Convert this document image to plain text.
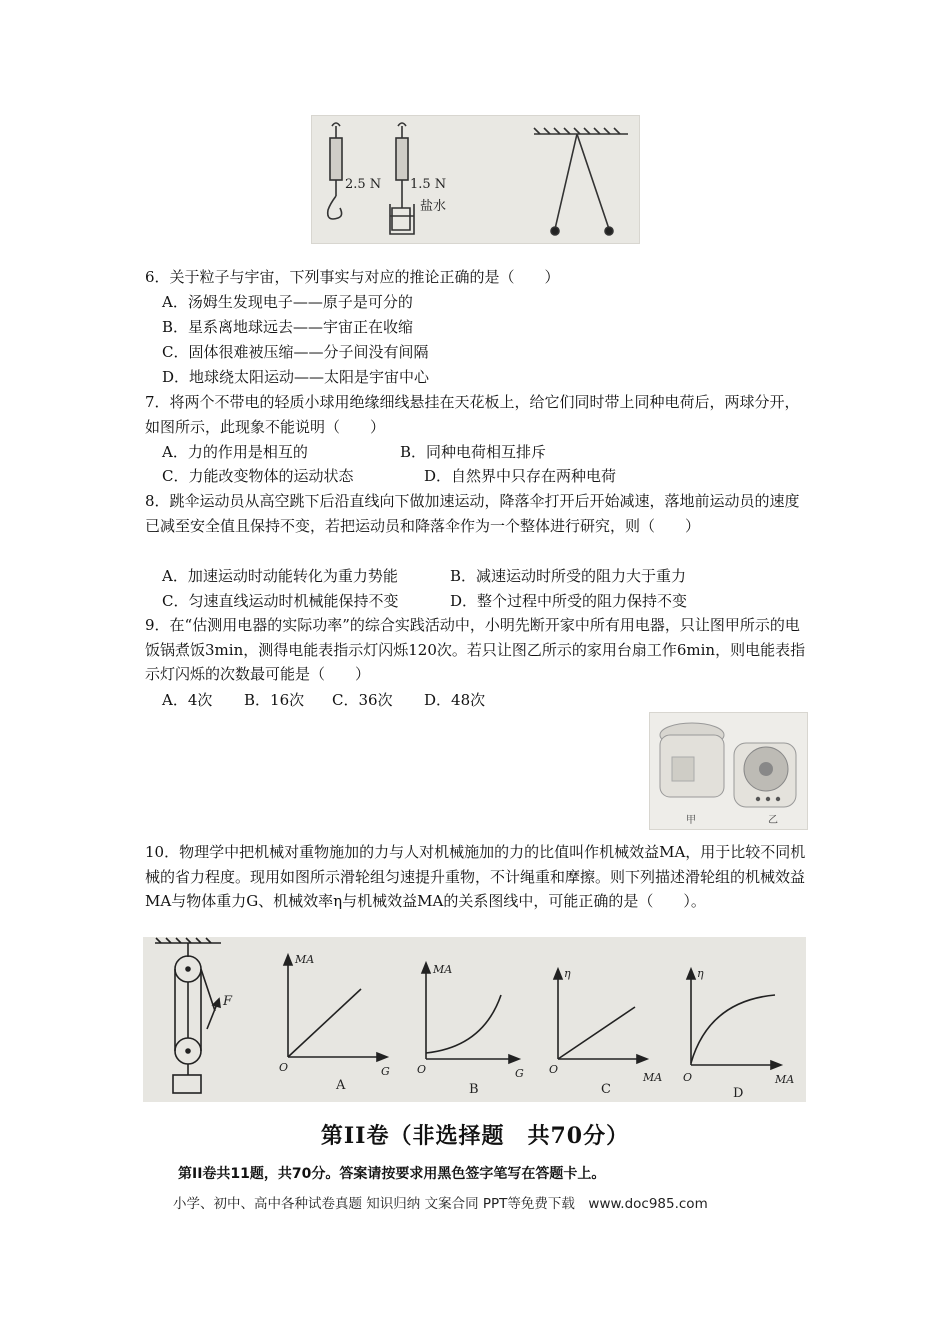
2.5 N 1.5 N
盐水
6．关于粒子与宇宙，下列事实与对应的推论正确的是（　　）
A．汤姆生发现电子——原子是可分的
B．星系离地球远去——宇宙正在收缩
C．固体很难被压缩——分子间没有间隔
D．地球绕太阳运动——太阳是宇宙中心
7．将两个不带电的轻质小球用绝缘细线悬挂在天花板上，给它们同时带上同种电荷后，两球分开，如图所示，此现象不能说明（　　）
A．力的作用是相互的	B．同种电荷相互排斥
C．力能改变物体的运动状态	D．自然界中只存在两种电荷
8．跳伞运动员从高空跳下后沿直线向下做加速运动，降落伞打开后开始减速，落地前运动员的速度已减至安全值且保持不变，若把运动员和降落伞作为一个整体进行研究，则（　　）
A．加速运动时动能转化为重力势能	B．减速运动时所受的阻力大于重力
C．匀速直线运动时机械能保持不变	D．整个过程中所受的阻力保持不变
9．在“估测用电器的实际功率”的综合实践活动中，小明先断开家中所有用电器，只让图甲所示的电饭锅煮饭3min，测得电能表指示灯闪烁120次。若只让图乙所示的家用台扇工作6min，则电能表指示灯闪烁的次数最可能是（　　）
A．4次 B．16次 C．36次 D．48次
甲	乙
10．物理学中把机械对重物施加的力与人对机械施加的力的比值叫作机械效益MA，用于比较不同机械的省力程度。现用如图所示滑轮组匀速提升重物，不计绳重和摩擦。则下列描述滑轮组的机械效益MA与物体重力G、机械效率η与机械效益MA的关系图线中，可能正确的是（　　）。
F
MA
G
O
A
MA
G
O
B
η
MA
O
C
η
MA
O
D
第II卷（非选择题　共70分）
第II卷共11题，共70分。答案请按要求用黑色签字笔写在答题卡上。
小学、初中、高中各种试卷真题 知识归纳 文案合同 PPT等免费下载　www.doc985.com
